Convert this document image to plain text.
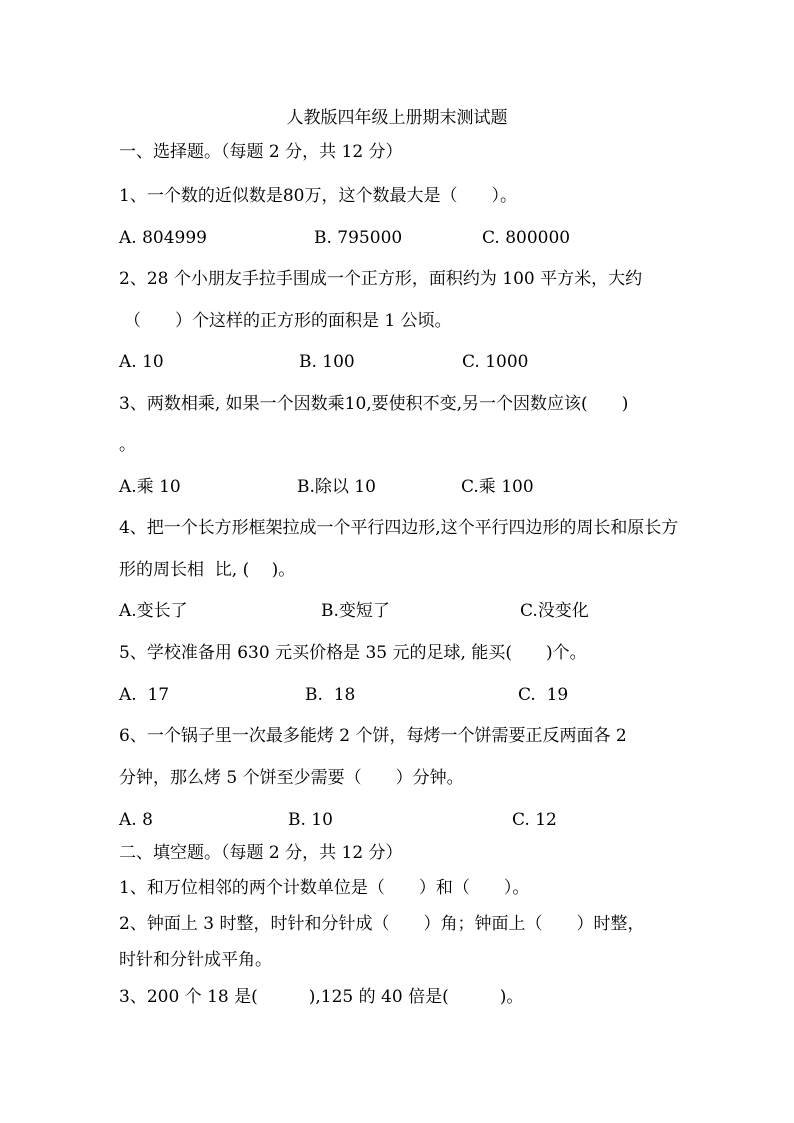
人教版四年级上册期末测试题
一、选择题。（每题 2 分，共 12 分）
1、一个数的近似数是80万，这个数最大是（　　）。
A. 804999	B. 795000	C. 800000
2、28 个小朋友手拉手围成一个正方形，面积约为 100 平方米，大约
（　　）个这样的正方形的面积是 1 公顷。
A. 10	B. 100	C. 1000
3、两数相乘, 如果一个因数乘10,要使积不变,另一个因数应该(　　)
。
A.乘 10	B.除以 10	C.乘 100
4、把一个长方形框架拉成一个平行四边形,这个平行四边形的周长和原长方
形的周长相  比, (　 )。
A.变长了	B.变短了	C.没变化
5、学校准备用 630 元买价格是 35 元的足球, 能买(　　)个。
A.  17	B.  18	C.  19
6、一个锅子里一次最多能烤 2 个饼，每烤一个饼需要正反两面各 2
分钟，那么烤 5 个饼至少需要（　　）分钟。
A. 8	B. 10	C. 12
二、填空题。（每题 2 分，共 12 分）
1、和万位相邻的两个计数单位是（　　）和（　　）。
2、钟面上 3 时整，时针和分针成（　　）角；钟面上（　　）时整，
时针和分针成平角。
3、200 个 18 是(　　　),125 的 40 倍是(　　　)。
